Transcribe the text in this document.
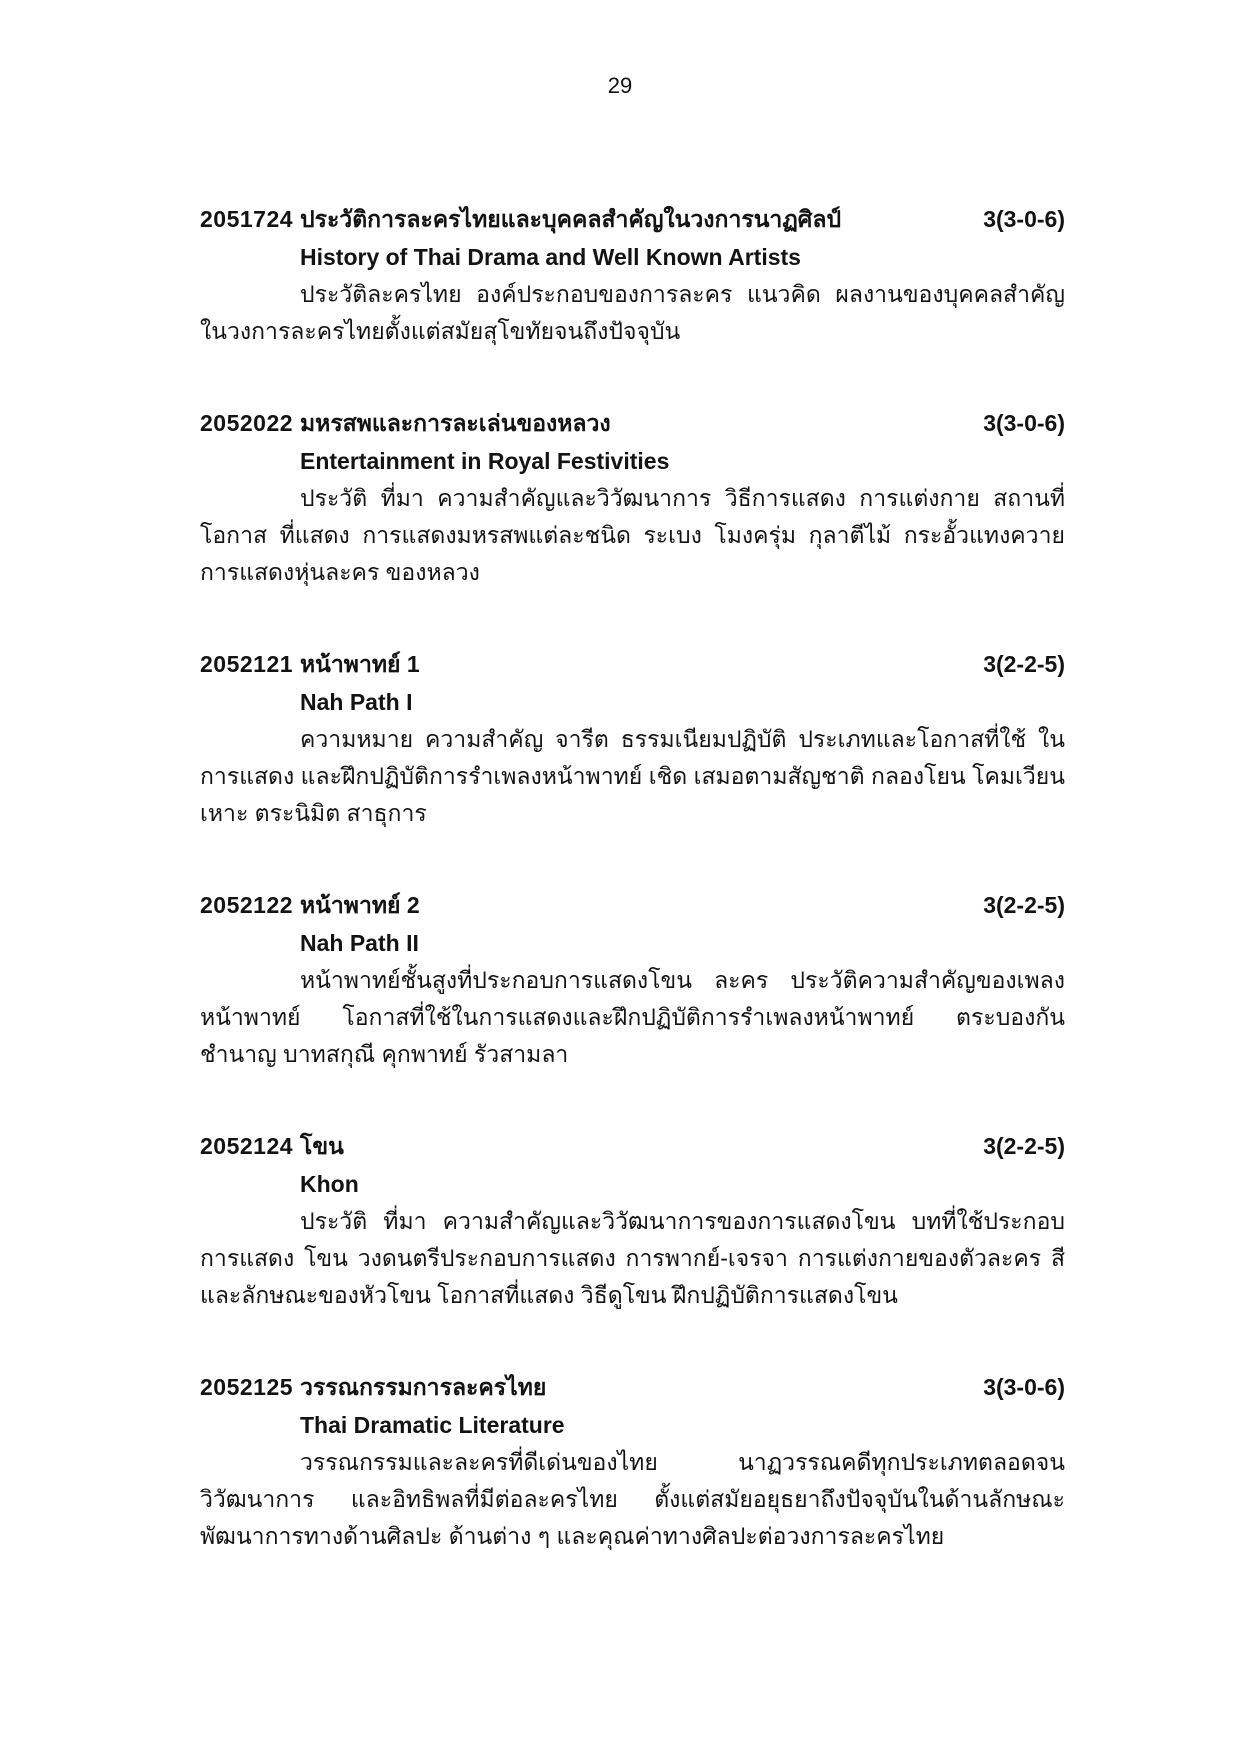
29
2051724 ประวัติการละครไทยและบุคคลสำคัญในวงการนาฏศิลป์	3(3-0-6)
History of Thai Drama and Well Known Artists
ประวัติละครไทย องค์ประกอบของการละคร แนวคิด ผลงานของบุคคลสำคัญ ในวงการละครไทยตั้งแต่สมัยสุโขทัยจนถึงปัจจุบัน
2052022 มหรสพและการละเล่นของหลวง	3(3-0-6)
Entertainment in Royal Festivities
ประวัติ ที่มา ความสำคัญและวิวัฒนาการ วิธีการแสดง การแต่งกาย สถานที่โอกาส ที่แสดง การแสดงมหรสพแต่ละชนิด ระเบง โมงครุ่ม กุลาตีไม้ กระอั้วแทงควาย การแสดงหุ่นละคร ของหลวง
2052121 หน้าพาทย์ 1	3(2-2-5)
Nah Path I
ความหมาย ความสำคัญ จารีต ธรรมเนียมปฏิบัติ ประเภทและโอกาสที่ใช้ ในการแสดง และฝึกปฏิบัติการรำเพลงหน้าพาทย์ เชิด เสมอตามสัญชาติ กลองโยน โคมเวียน เหาะ ตระนิมิต สาธุการ
2052122 หน้าพาทย์ 2	3(2-2-5)
Nah Path II
หน้าพาทย์ชั้นสูงที่ประกอบการแสดงโขน ละคร ประวัติความสำคัญของเพลง หน้าพาทย์ โอกาสที่ใช้ในการแสดงและฝึกปฏิบัติการรำเพลงหน้าพาทย์ ตระบองกัน ชำนาญ บาทสกุณี คุกพาทย์ รัวสามลา
2052124 โขน	3(2-2-5)
Khon
ประวัติ ที่มา ความสำคัญและวิวัฒนาการของการแสดงโขน บทที่ใช้ประกอบการแสดง โขน วงดนตรีประกอบการแสดง การพากย์-เจรจา การแต่งกายของตัวละคร สีและลักษณะของหัวโขน โอกาสที่แสดง วิธีดูโขน ฝึกปฏิบัติการแสดงโขน
2052125 วรรณกรรมการละครไทย	3(3-0-6)
Thai Dramatic Literature
วรรณกรรมและละครที่ดีเด่นของไทย นาฏวรรณคดีทุกประเภทตลอดจนวิวัฒนาการ และอิทธิพลที่มีต่อละครไทย ตั้งแต่สมัยอยุธยาถึงปัจจุบันในด้านลักษณะพัฒนาการทางด้านศิลปะ ด้านต่าง ๆ และคุณค่าทางศิลปะต่อวงการละครไทย
